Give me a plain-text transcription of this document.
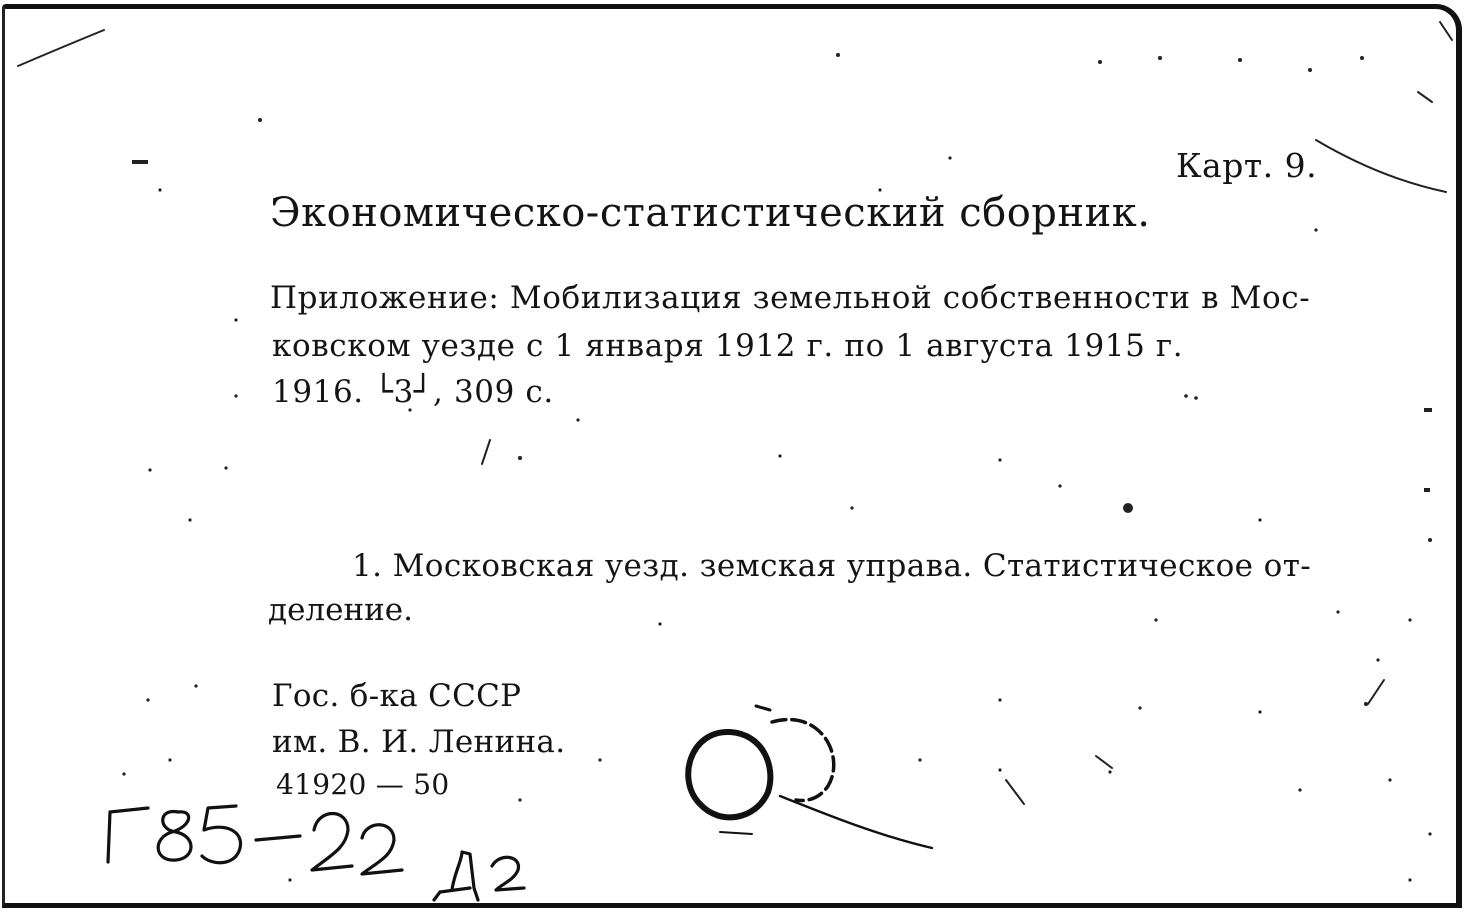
Карт. 9.
Экономическо-статистический сборник.
Приложение: Мобилизация земельной собственности в Мос-
ковском уезде с 1 января 1912 г. по 1 августа 1915 г.
1916. └3┘, 309 с.
1. Московская уезд. земская управа. Статистическое от-
деление.
Гос. б-ка СССР
им. В. И. Ленина.
41920 — 50
